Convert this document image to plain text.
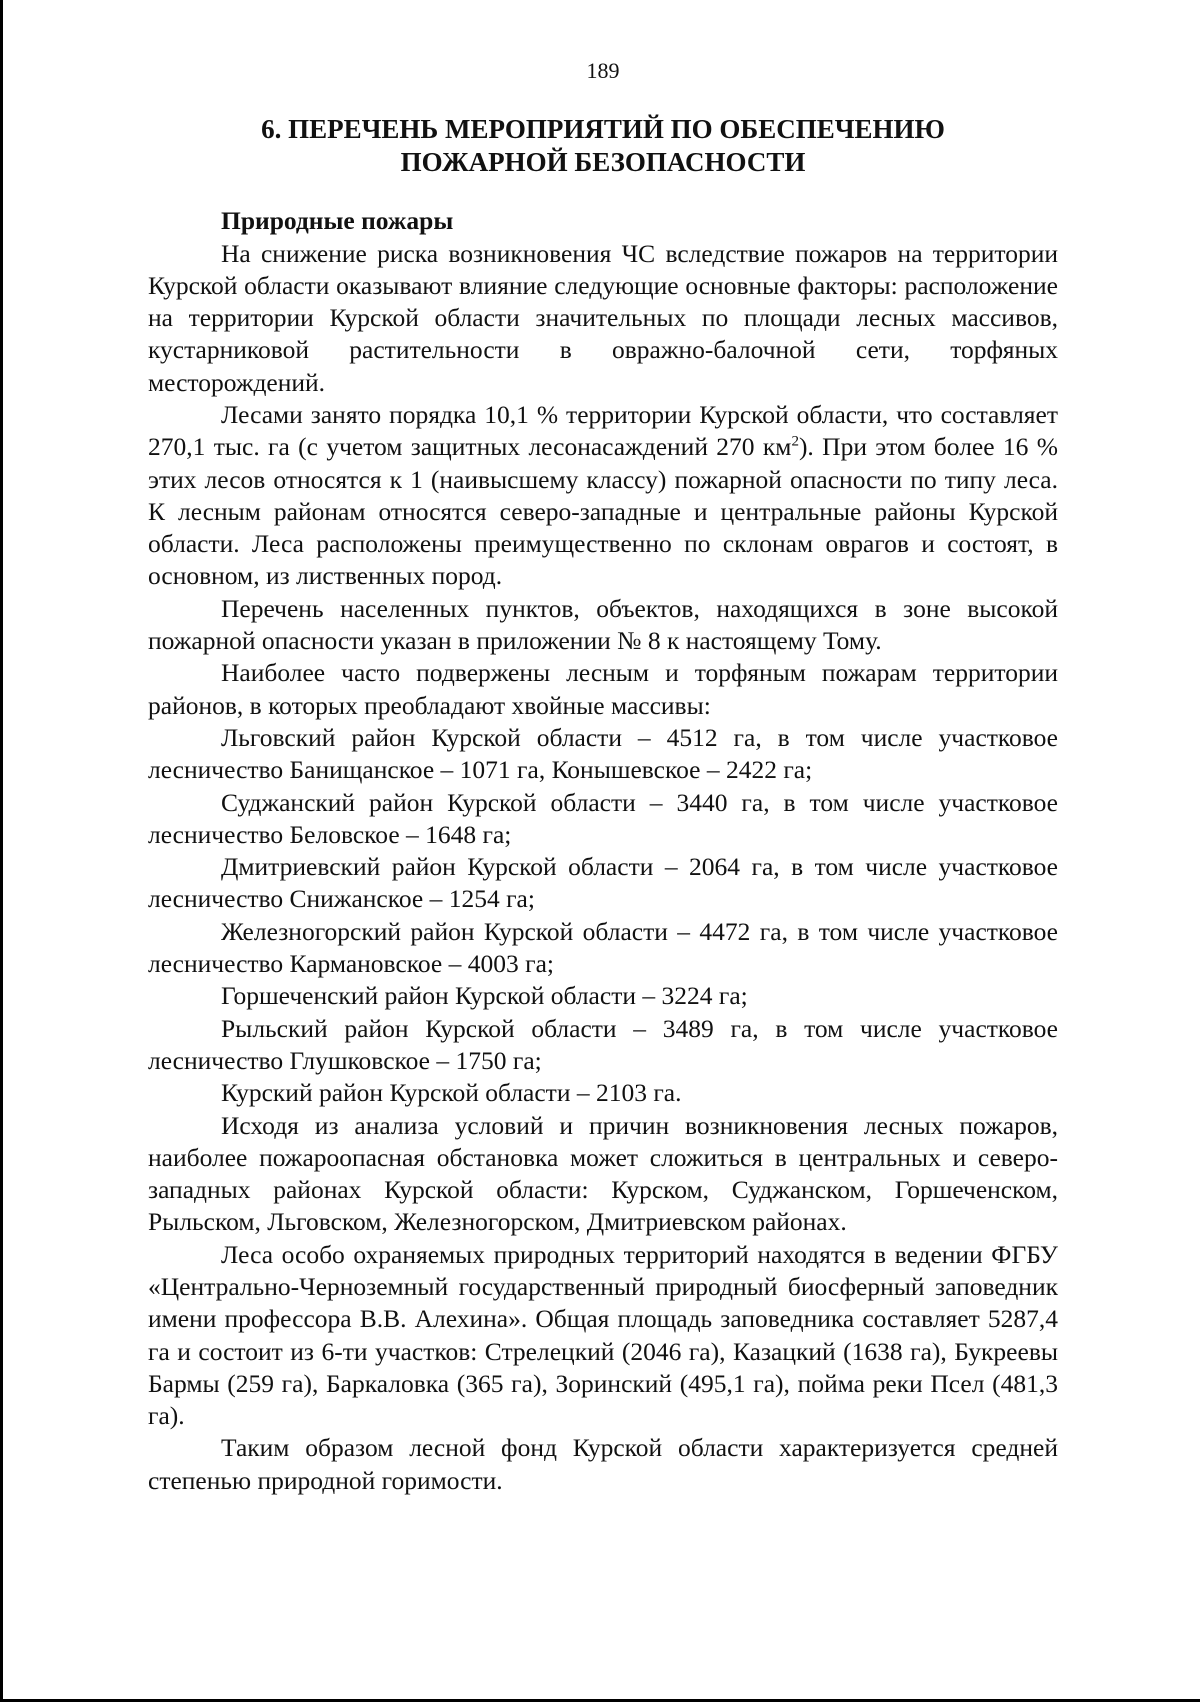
189
6. ПЕРЕЧЕНЬ МЕРОПРИЯТИЙ ПО ОБЕСПЕЧЕНИЮ
ПОЖАРНОЙ БЕЗОПАСНОСТИ
Природные пожары

На снижение риска возникновения ЧС вследствие пожаров на территории Курской области оказывают влияние следующие основные факторы: расположение на территории Курской области значительных по площади лесных массивов, кустарниковой растительности в овражно-балочной сети, торфяных месторождений.

Лесами занято порядка 10,1 % территории Курской области, что составляет 270,1 тыс. га (с учетом защитных лесонасаждений 270 $км^2$). При этом более 16 % этих лесов относятся к 1 (наивысшему классу) пожарной опасности по типу леса. К лесным районам относятся северо-западные и центральные районы Курской области. Леса расположены преимущественно по склонам оврагов и состоят, в основном, из лиственных пород.

Перечень населенных пунктов, объектов, находящихся в зоне высокой пожарной опасности указан в приложении № 8 к настоящему Тому.

Наиболее часто подвержены лесным и торфяным пожарам территории районов, в которых преобладают хвойные массивы:

Льговский район Курской области – 4512 га, в том числе участковое лесничество Банищанское – 1071 га, Конышевское – 2422 га;

Суджанский район Курской области – 3440 га, в том числе участковое лесничество Беловское – 1648 га;

Дмитриевский район Курской области – 2064 га, в том числе участковое лесничество Снижанское – 1254 га;

Железногорский район Курской области – 4472 га, в том числе участковое лесничество Кармановское – 4003 га;

Горшеченский район Курской области – 3224 га;

Рыльский район Курской области – 3489 га, в том числе участковое лесничество Глушковское – 1750 га;

Курский район Курской области – 2103 га.

Исходя из анализа условий и причин возникновения лесных пожаров, наиболее пожароопасная обстановка может сложиться в центральных и северо-западных районах Курской области: Курском, Суджанском, Горшеченском, Рыльском, Льговском, Железногорском, Дмитриевском районах.

Леса особо охраняемых природных территорий находятся в ведении ФГБУ «Центрально-Черноземный государственный природный биосферный заповедник имени профессора В.В. Алехина». Общая площадь заповедника составляет 5287,4 га и состоит из 6-ти участков: Стрелецкий (2046 га), Казацкий (1638 га), Букреевы Бармы (259 га), Баркаловка (365 га), Зоринский (495,1 га), пойма реки Псел (481,3 га).

Таким образом лесной фонд Курской области характеризуется средней степенью природной горимости.
